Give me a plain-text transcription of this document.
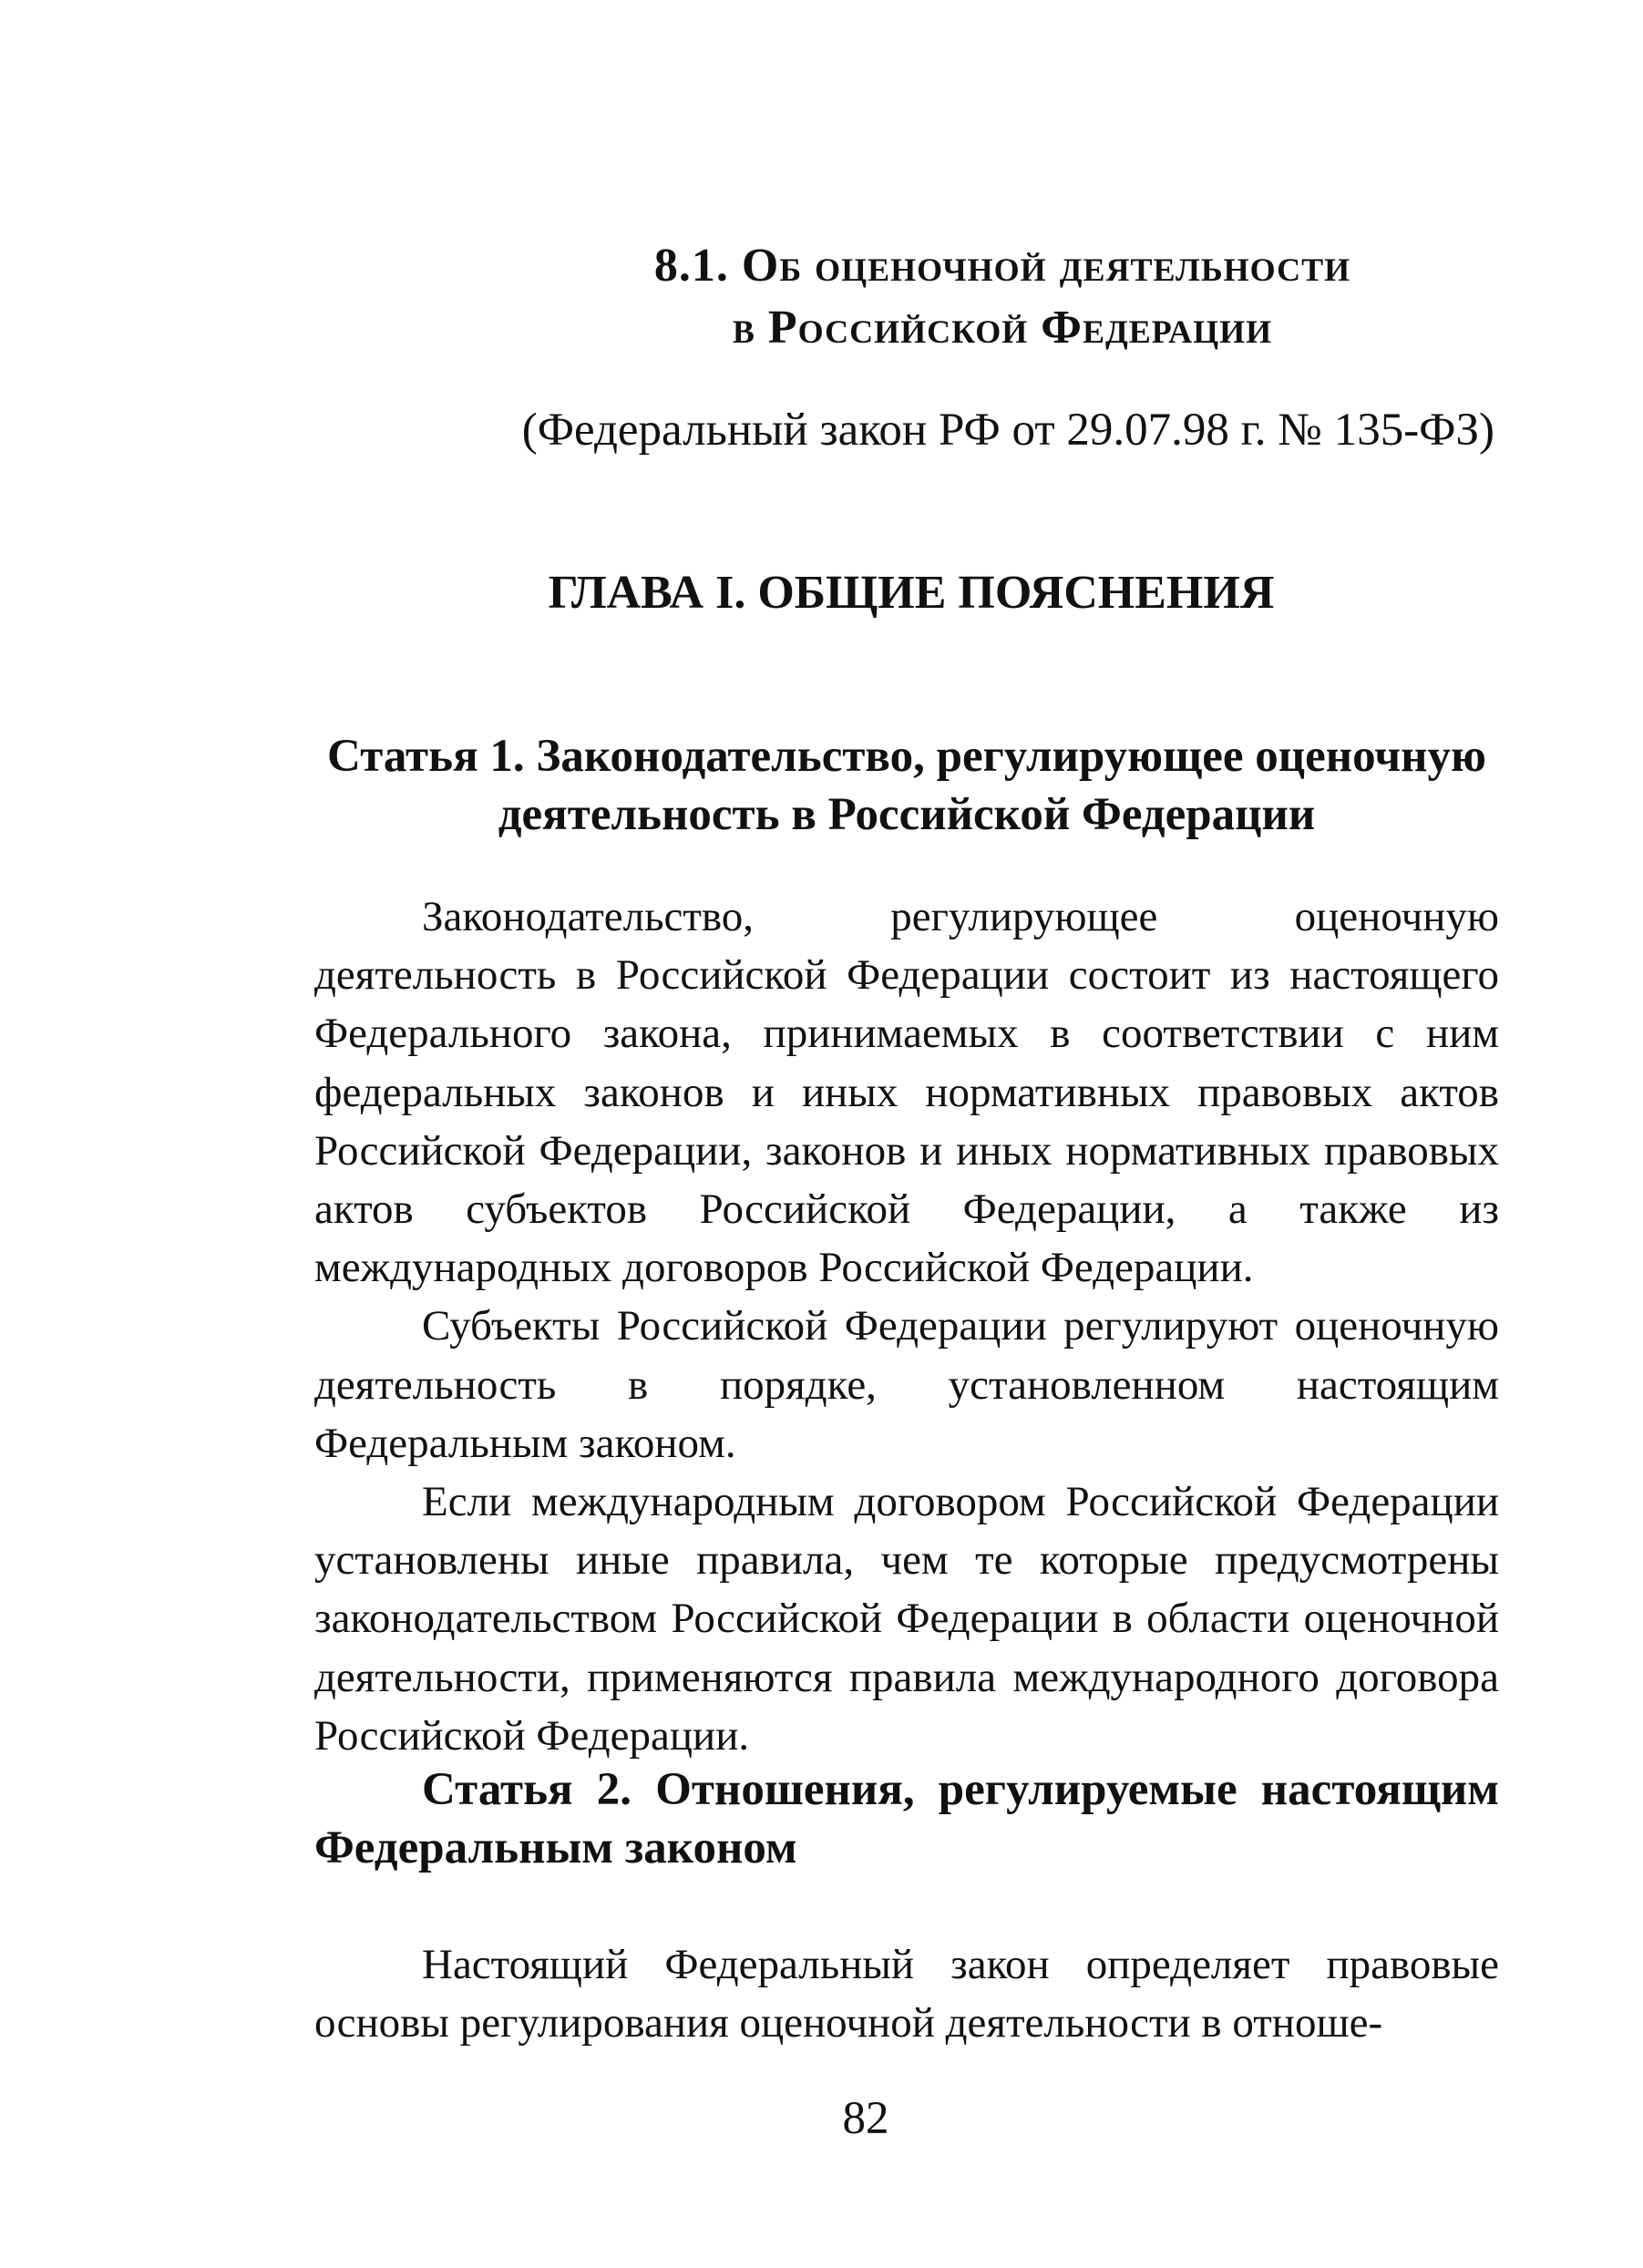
8.1. Об оценочной деятельности
в Российской Федерации
(Федеральный закон РФ от 29.07.98 г. № 135-ФЗ)
ГЛАВА I. ОБЩИЕ ПОЯСНЕНИЯ
Статья 1. Законодательство, регулирующее оценочную
деятельность в Российской Федерации

Законодательство, регулирующее оценочную деятельность в Российской Федерации состоит из настоящего Федерального закона, принимаемых в соответствии с ним федеральных законов и иных нормативных правовых актов Российской Федерации, законов и иных нормативных правовых актов субъектов Российской Федерации, а также из международных договоров Российской Федерации.

Субъекты Российской Федерации регулируют оценочную деятельность в порядке, установленном настоящим Федеральным законом.

Если международным договором Российской Федерации установлены иные правила, чем те которые предусмотрены законодательством Российской Федерации в области оценочной деятельности, применяются правила международного договора Российской Федерации.

Статья 2. Отношения, регулируемые настоящим Федеральным законом

Настоящий Федеральный закон определяет правовые основы регулирования оценочной деятельности в отноше-

82
